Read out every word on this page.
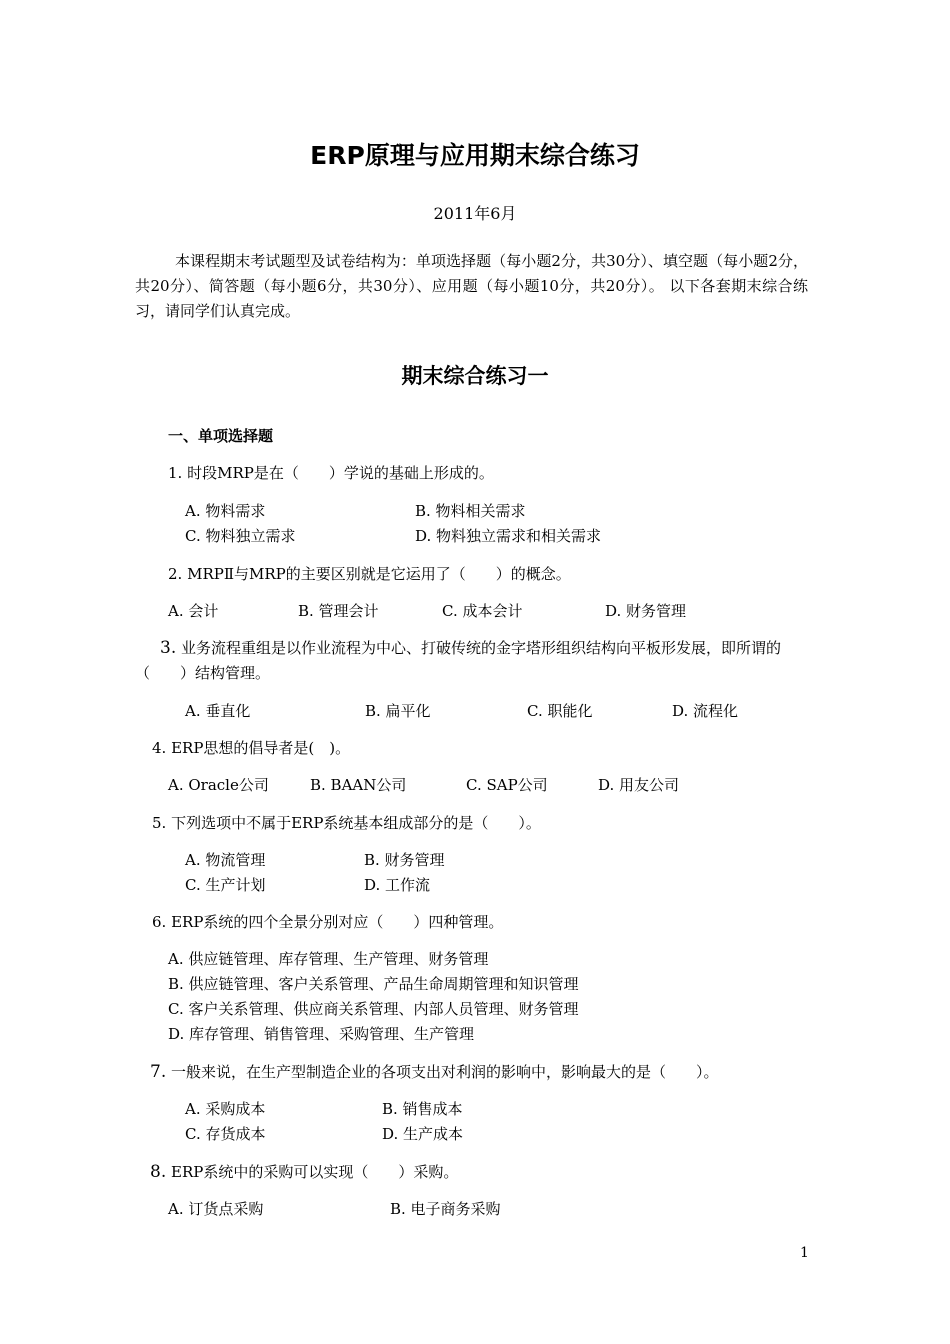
ERP原理与应用期末综合练习
2011年6月
本课程期末考试题型及试卷结构为：单项选择题（每小题2分，共30分）、填空题（每小题2分，共20分）、简答题（每小题6分，共30分）、应用题（每小题10分，共20分）。 以下各套期末综合练习，请同学们认真完成。
期末综合练习一
一、单项选择题
1. 时段MRP是在（　　）学说的基础上形成的。
A. 物料需求	B. 物料相关需求
C. 物料独立需求	D. 物料独立需求和相关需求
2. MRPⅡ与MRP的主要区别就是它运用了（　　）的概念。
A. 会计	B. 管理会计	C. 成本会计	D. 财务管理
3. 业务流程重组是以作业流程为中心、打破传统的金字塔形组织结构向平板形发展，即所谓的（　　）结构管理。
A. 垂直化	B. 扁平化	C. 职能化	D. 流程化
4. ERP思想的倡导者是(　)。
A. Oracle公司	B. BAAN公司	C. SAP公司	D. 用友公司
5. 下列选项中不属于ERP系统基本组成部分的是（　　）。
A. 物流管理	B. 财务管理
C. 生产计划	D. 工作流
6. ERP系统的四个全景分别对应（　　）四种管理。
A. 供应链管理、库存管理、生产管理、财务管理
B. 供应链管理、客户关系管理、产品生命周期管理和知识管理
C. 客户关系管理、供应商关系管理、内部人员管理、财务管理
D. 库存管理、销售管理、采购管理、生产管理
7. 一般来说，在生产型制造企业的各项支出对利润的影响中，影响最大的是（　　）。
A. 采购成本	B. 销售成本
C. 存货成本	D. 生产成本
8. ERP系统中的采购可以实现（　　）采购。
A. 订货点采购	B. 电子商务采购
1
